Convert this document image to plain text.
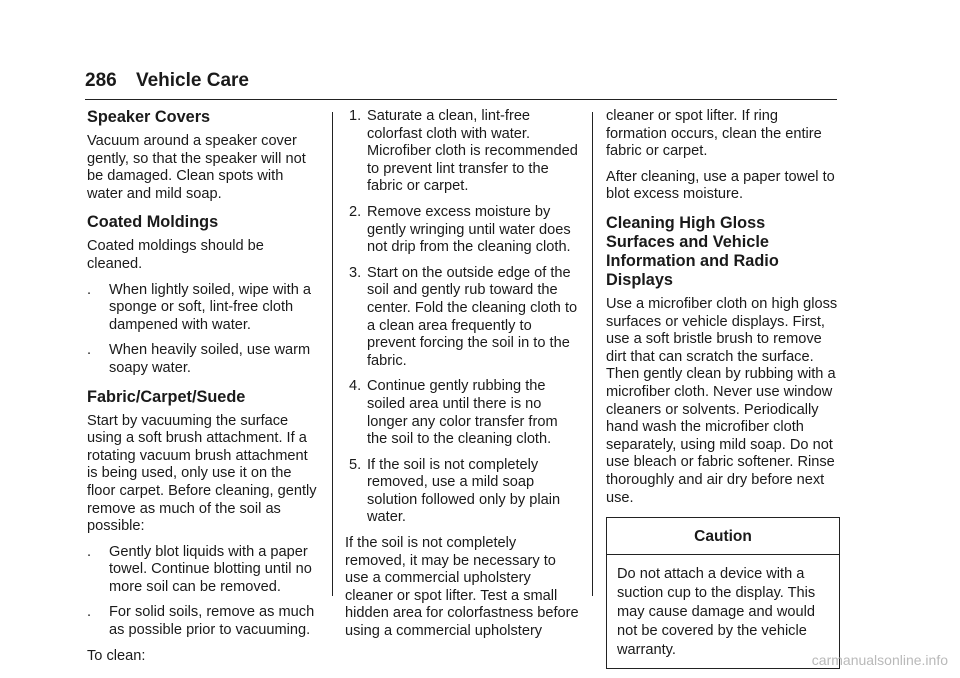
286 Vehicle Care
Speaker Covers

Vacuum around a speaker cover gently, so that the speaker will not be damaged. Clean spots with water and mild soap.

Coated Moldings

Coated moldings should be cleaned.

.	When lightly soiled, wipe with a sponge or soft, lint-free cloth dampened with water.
.	When heavily soiled, use warm soapy water.
Fabric/Carpet/Suede

Start by vacuuming the surface using a soft brush attachment. If a rotating vacuum brush attachment is being used, only use it on the floor carpet. Before cleaning, gently remove as much of the soil as possible:

.	Gently blot liquids with a paper towel. Continue blotting until no more soil can be removed.
.	For solid soils, remove as much as possible prior to vacuuming.

To clean:

1. Saturate a clean, lint-free colorfast cloth with water. Microfiber cloth is recommended to prevent lint transfer to the fabric or carpet.
2. Remove excess moisture by gently wringing until water does not drip from the cleaning cloth.
3. Start on the outside edge of the soil and gently rub toward the center. Fold the cleaning cloth to a clean area frequently to prevent forcing the soil in to the fabric.
4. Continue gently rubbing the soiled area until there is no longer any color transfer from the soil to the cleaning cloth.
5. If the soil is not completely removed, use a mild soap solution followed only by plain water.

If the soil is not completely removed, it may be necessary to use a commercial upholstery cleaner or spot lifter. Test a small hidden area for colorfastness before using a commercial upholstery

cleaner or spot lifter. If ring formation occurs, clean the entire fabric or carpet.

After cleaning, use a paper towel to blot excess moisture.

Cleaning High Gloss Surfaces and Vehicle Information and Radio Displays

Use a microfiber cloth on high gloss surfaces or vehicle displays. First, use a soft bristle brush to remove dirt that can scratch the surface. Then gently clean by rubbing with a microfiber cloth. Never use window cleaners or solvents. Periodically hand wash the microfiber cloth separately, using mild soap. Do not use bleach or fabric softener. Rinse thoroughly and air dry before next use.

Caution
Do not attach a device with a suction cup to the display. This may cause damage and would not be covered by the vehicle warranty.
carmanualsonline.info
